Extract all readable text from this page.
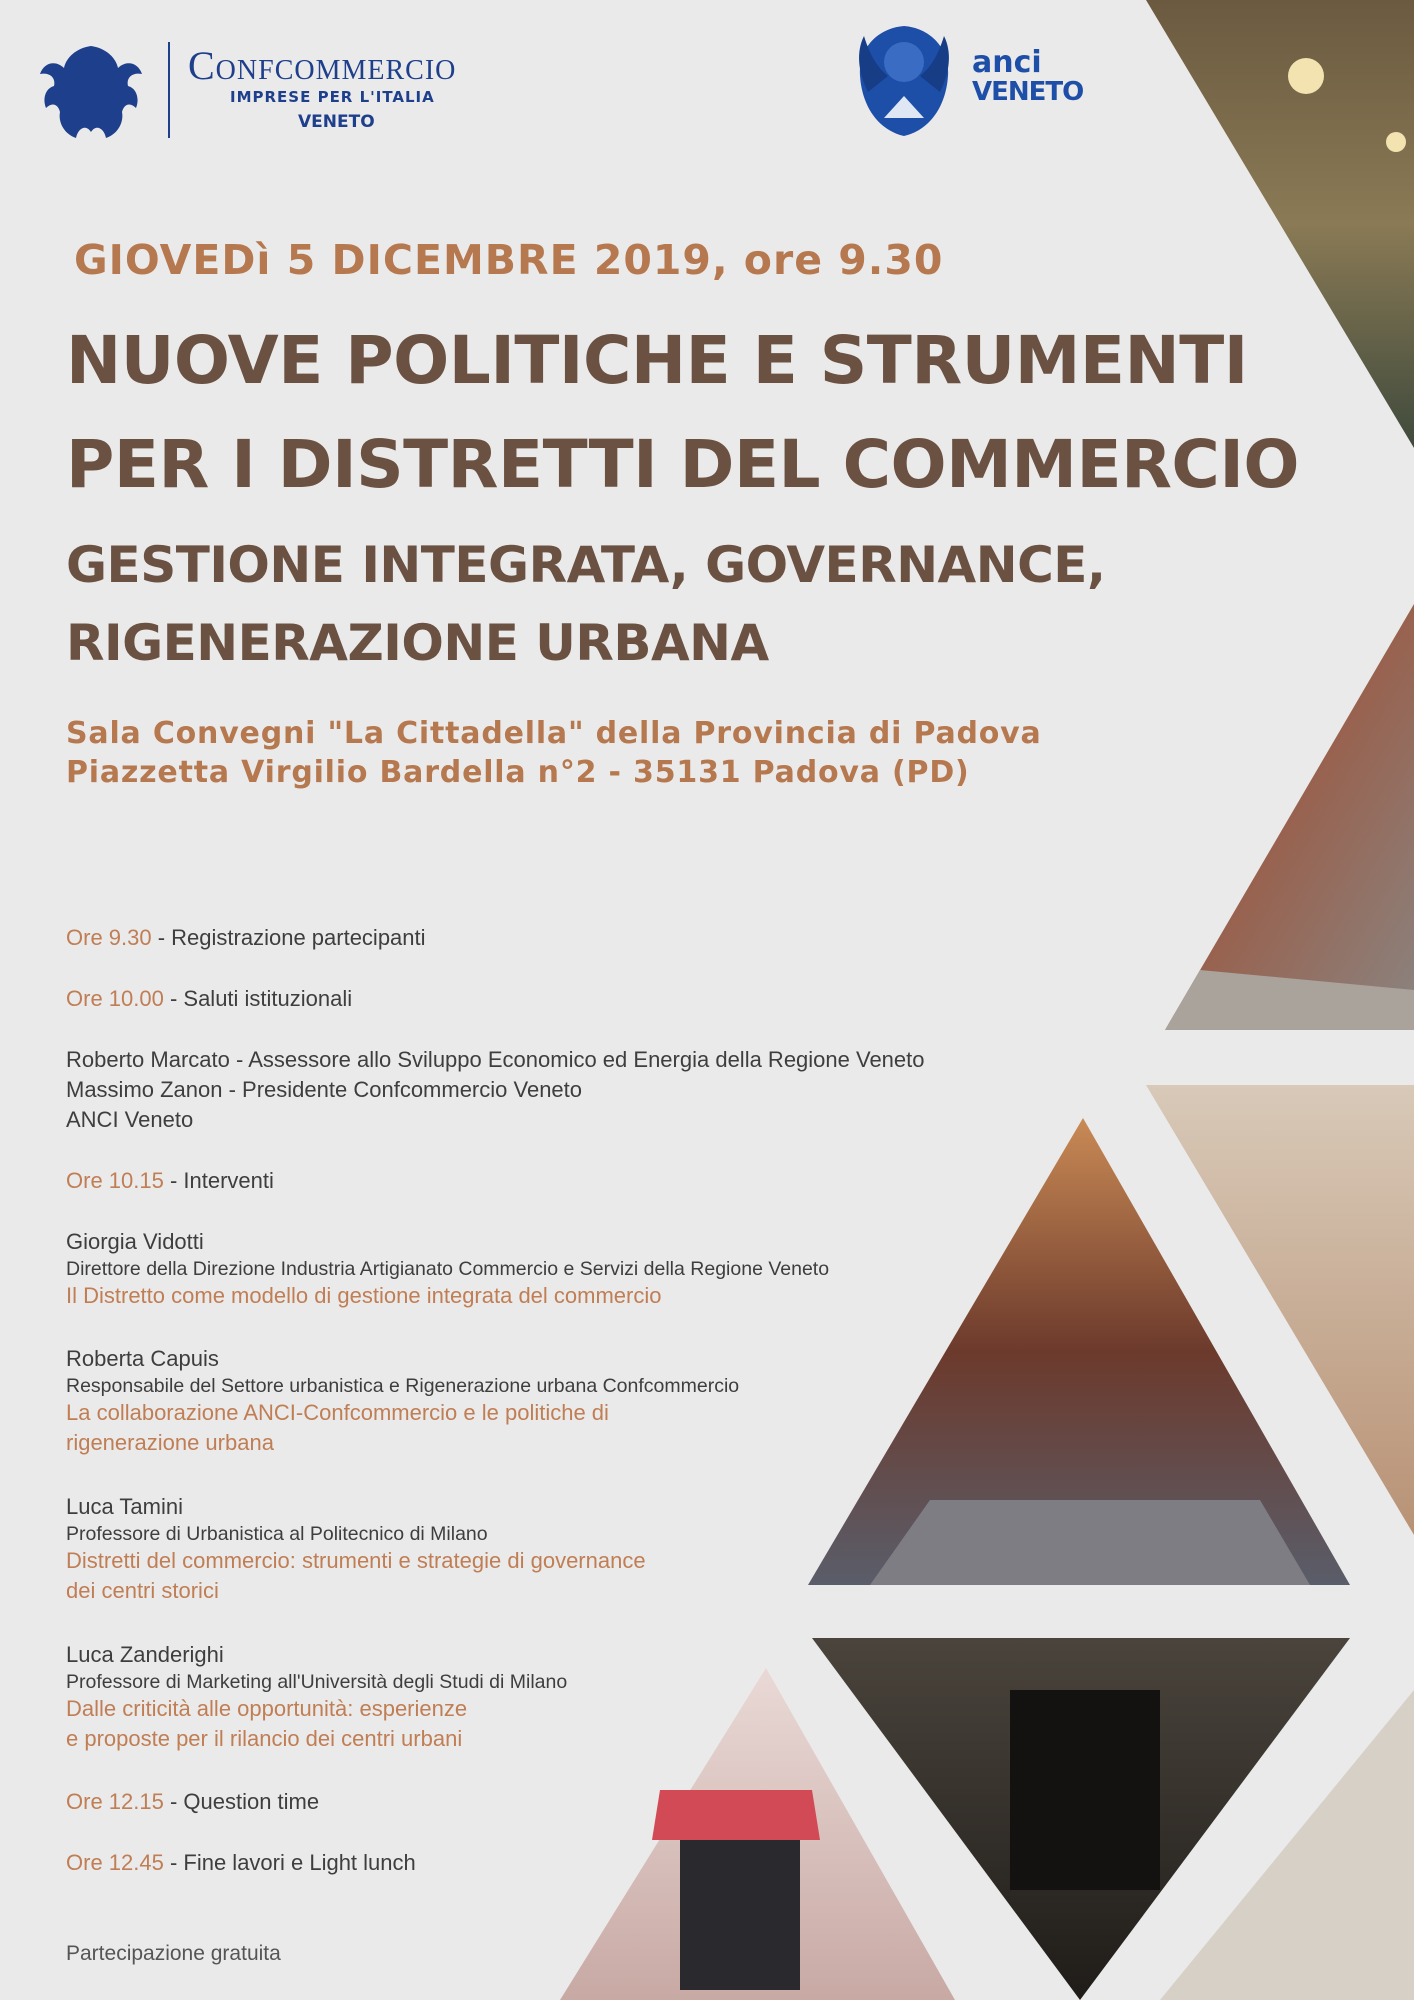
Confcommercio
IMPRESE PER L'ITALIA
VENETO
anci
VENETO
GIOVEDì 5 DICEMBRE 2019, ore 9.30
NUOVE POLITICHE E STRUMENTI
PER I DISTRETTI DEL COMMERCIO
GESTIONE INTEGRATA, GOVERNANCE,
RIGENERAZIONE URBANA
Sala Convegni "La Cittadella" della Provincia di Padova
Piazzetta Virgilio Bardella n°2 - 35131 Padova (PD)
Ore 9.30 - Registrazione partecipanti
Ore 10.00 - Saluti istituzionali
Roberto Marcato - Assessore allo Sviluppo Economico ed Energia della Regione Veneto
Massimo Zanon - Presidente Confcommercio Veneto
ANCI Veneto
Ore 10.15 - Interventi
Giorgia Vidotti
Direttore della Direzione Industria Artigianato Commercio e Servizi della Regione Veneto
Il Distretto come modello di gestione integrata del commercio
Roberta Capuis
Responsabile del Settore urbanistica e Rigenerazione urbana Confcommercio
La collaborazione ANCI-Confcommercio e le politiche di
rigenerazione urbana
Luca Tamini
Professore di Urbanistica al Politecnico di Milano
Distretti del commercio: strumenti e strategie di governance
dei centri storici
Luca Zanderighi
Professore di Marketing all'Università degli Studi di Milano
Dalle criticità alle opportunità: esperienze
e proposte per il rilancio dei centri urbani
Ore 12.15 - Question time
Ore 12.45 - Fine lavori e Light lunch
Partecipazione gratuita
